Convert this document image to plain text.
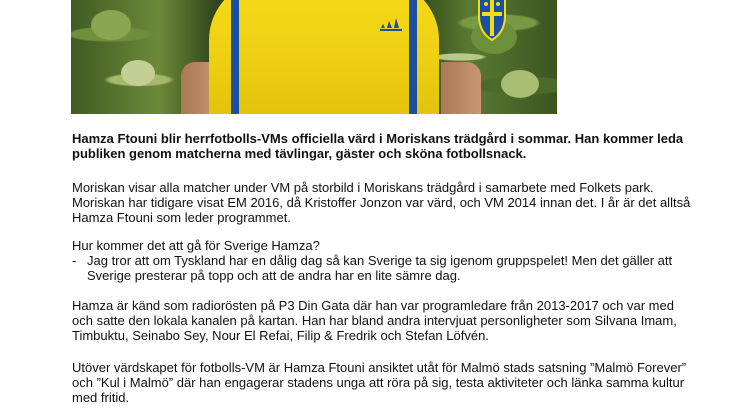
Hamza Ftouni blir herrfotbolls-VMs officiella värd i Moriskans trädgård i sommar. Han kommer leda publiken genom matcherna med tävlingar, gäster och sköna fotbollsnack.

Moriskan visar alla matcher under VM på storbild i Moriskans trädgård i samarbete med Folkets park. Moriskan har tidigare visat EM 2016, då Kristoffer Jonzon var värd, och VM 2014 innan det. I år är det alltså Hamza Ftouni som leder programmet.

Hur kommer det att gå för Sverige Hamza?

- Jag tror att om Tyskland har en dålig dag så kan Sverige ta sig igenom gruppspelet! Men det gäller att Sverige presterar på topp och att de andra har en lite sämre dag.

Hamza är känd som radiorösten på P3 Din Gata där han var programledare från 2013-2017 och var med och satte den lokala kanalen på kartan. Han har bland andra intervjuat personligheter som Silvana Imam, Timbuktu, Seinabo Sey, Nour El Refai, Filip & Fredrik och Stefan Löfvén.

Utöver värdskapet för fotbolls-VM är Hamza Ftouni ansiktet utåt för Malmö stads satsning ”Malmö Forever” och ”Kul i Malmö” där han engagerar stadens unga att röra på sig, testa aktiviteter och länka samma kultur med fritid.
